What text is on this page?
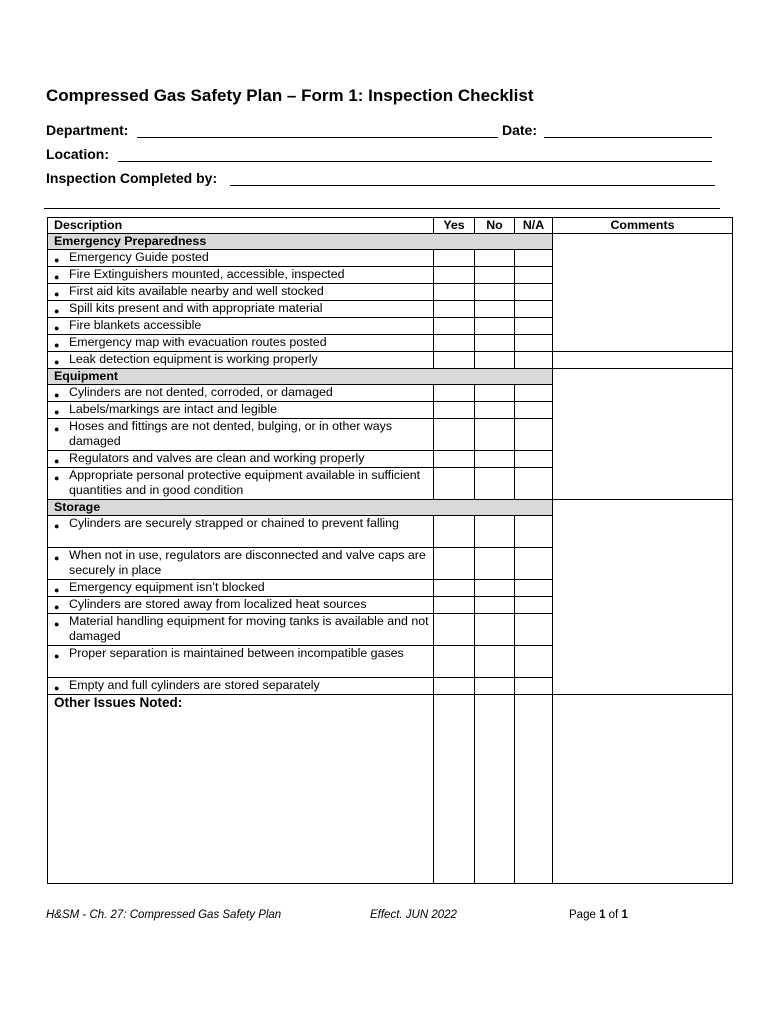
Compressed Gas Safety Plan – Form 1: Inspection Checklist
Department:	Date:
Location:
Inspection Completed by:
Description	Yes	No	N/A	Comments
Emergency Preparedness				

● Emergency Guide posted				

● Fire Extinguishers mounted, accessible, inspected				

● First aid kits available nearby and well stocked				

● Spill kits present and with appropriate material				

● Fire blankets accessible				

● Emergency map with evacuation routes posted				

● Leak detection equipment is working properly				

Equipment				

● Cylinders are not dented, corroded, or damaged				

● Labels/markings are intact and legible				

● Hoses and fittings are not dented, bulging, or in other ways damaged				

● Regulators and valves are clean and working properly				

● Appropriate personal protective equipment available in sufficient quantities and in good condition				

Storage				

● Cylinders are securely strapped or chained to prevent falling				

● When not in use, regulators are disconnected and valve caps are securely in place				

● Emergency equipment isn’t blocked				

● Cylinders are stored away from localized heat sources				

● Material handling equipment for moving tanks is available and not damaged				

● Proper separation is maintained between incompatible gases				

● Empty and full cylinders are stored separately				

Other Issues Noted:				
H&SM - Ch. 27: Compressed Gas Safety Plan	Effect. JUN 2022	Page 1 of 1
